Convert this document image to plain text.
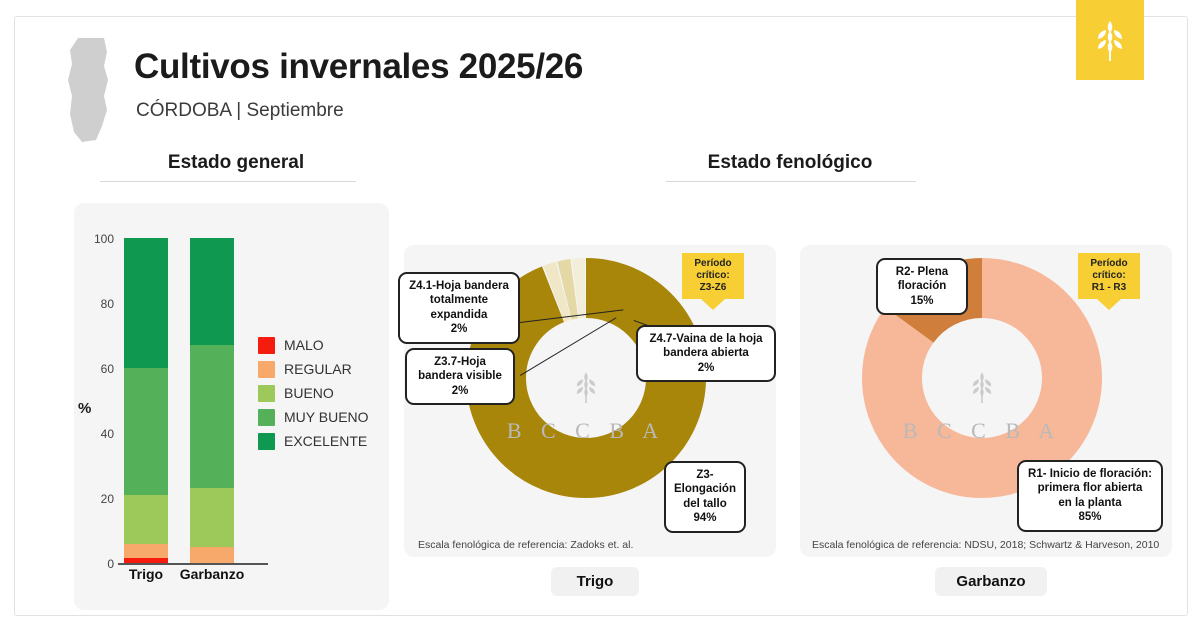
Cultivos invernales 2025/26
CÓRDOBA | Septiembre
Estado general	Estado fenológico
100
80
60
40
20
0
%
Trigo	Garbanzo
MALO
REGULAR
BUENO
MUY BUENO
EXCELENTE	B C C B A
Z4.1-Hoja bandera
totalmente
expandida
2%
Z3.7-Hoja
bandera visible
2%
Z4.7-Vaina de la hoja
bandera abierta
2%
Z3-
Elongación
del tallo
94%
Período
crítico:
Z3-Z6
Escala fenológica de referencia: Zadoks et. al.
Trigo
B C C B A
R2- Plena
floración
15%
R1- Inicio de floración:
primera flor abierta
en la planta
85%
Período
crítico:
R1 - R3
Escala fenológica de referencia: NDSU, 2018; Schwartz & Harveson, 2010
Garbanzo
